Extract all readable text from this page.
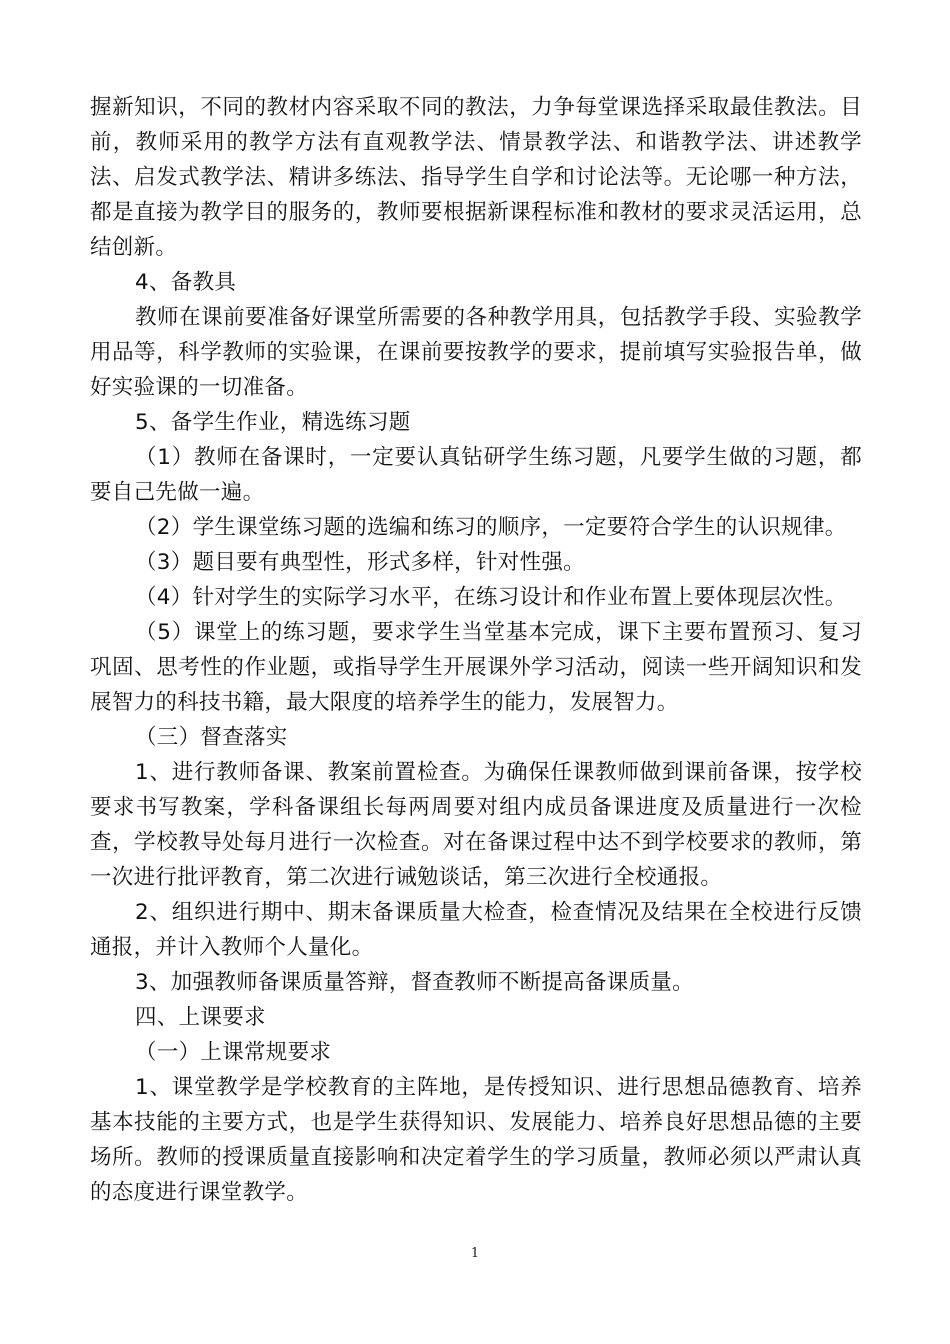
握新知识，不同的教材内容采取不同的教法，力争每堂课选择采取最佳教法。目前，教师采用的教学方法有直观教学法、情景教学法、和谐教学法、讲述教学法、启发式教学法、精讲多练法、指导学生自学和讨论法等。无论哪一种方法，都是直接为教学目的服务的，教师要根据新课程标准和教材的要求灵活运用，总结创新。

4、备教具

教师在课前要准备好课堂所需要的各种教学用具，包括教学手段、实验教学用品等，科学教师的实验课，在课前要按教学的要求，提前填写实验报告单，做好实验课的一切准备。

5、备学生作业，精选练习题

（1）教师在备课时，一定要认真钻研学生练习题，凡要学生做的习题，都要自己先做一遍。

（2）学生课堂练习题的选编和练习的顺序，一定要符合学生的认识规律。

（3）题目要有典型性，形式多样，针对性强。

（4）针对学生的实际学习水平，在练习设计和作业布置上要体现层次性。

（5）课堂上的练习题，要求学生当堂基本完成，课下主要布置预习、复习巩固、思考性的作业题，或指导学生开展课外学习活动，阅读一些开阔知识和发展智力的科技书籍，最大限度的培养学生的能力，发展智力。

（三）督查落实

1、进行教师备课、教案前置检查。为确保任课教师做到课前备课，按学校要求书写教案，学科备课组长每两周要对组内成员备课进度及质量进行一次检查，学校教导处每月进行一次检查。对在备课过程中达不到学校要求的教师，第一次进行批评教育，第二次进行诫勉谈话，第三次进行全校通报。

2、组织进行期中、期末备课质量大检查，检查情况及结果在全校进行反馈通报，并计入教师个人量化。

3、加强教师备课质量答辩，督查教师不断提高备课质量。

四、上课要求

（一）上课常规要求

1、课堂教学是学校教育的主阵地，是传授知识、进行思想品德教育、培养基本技能的主要方式，也是学生获得知识、发展能力、培养良好思想品德的主要场所。教师的授课质量直接影响和决定着学生的学习质量，教师必须以严肃认真的态度进行课堂教学。

1
